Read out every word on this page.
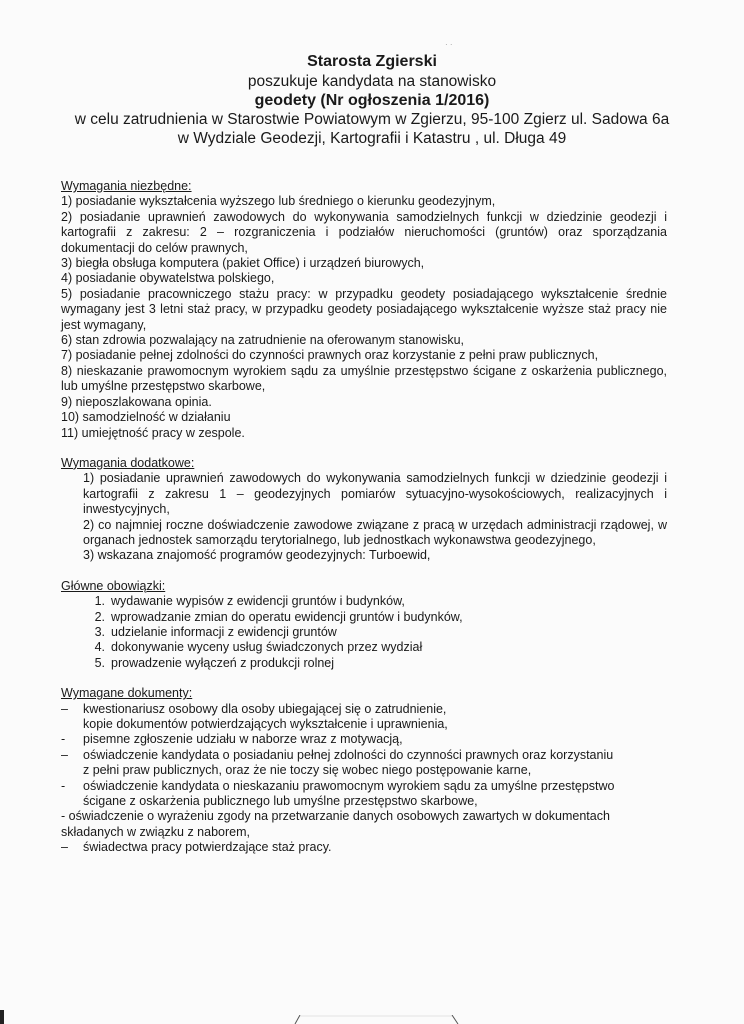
· ·
Starosta Zgierski
poszukuje kandydata na stanowisko
geodety (Nr ogłoszenia 1/2016)
w celu zatrudnienia w Starostwie Powiatowym w Zgierzu, 95-100 Zgierz ul. Sadowa 6a
w Wydziale Geodezji, Kartografii i Katastru , ul. Długa 49

Wymagania niezbędne:

1) posiadanie wykształcenia wyższego lub średniego o kierunku geodezyjnym,

2) posiadanie uprawnień zawodowych do wykonywania samodzielnych funkcji w dziedzinie geodezji i kartografii z zakresu: 2 – rozgraniczenia i podziałów nieruchomości (gruntów) oraz sporządzania dokumentacji do celów prawnych,

3) biegła obsługa komputera (pakiet Office) i urządzeń biurowych,

4) posiadanie obywatelstwa polskiego,

5) posiadanie pracowniczego stażu pracy: w przypadku geodety posiadającego wykształcenie średnie wymagany jest 3 letni staż pracy, w przypadku geodety posiadającego wykształcenie wyższe staż pracy nie jest wymagany,

6) stan zdrowia pozwalający na zatrudnienie na oferowanym stanowisku,

7) posiadanie pełnej zdolności do czynności prawnych oraz korzystanie z pełni praw publicznych,

8) nieskazanie prawomocnym wyrokiem sądu za umyślnie przestępstwo ścigane z oskarżenia publicznego, lub umyślne przestępstwo skarbowe,

9) nieposzlakowana opinia.

10) samodzielność w działaniu

11) umiejętność pracy w zespole.

Wymagania dodatkowe:

1) posiadanie uprawnień zawodowych do wykonywania samodzielnych funkcji w dziedzinie geodezji i kartografii z zakresu 1 – geodezyjnych pomiarów sytuacyjno-wysokościowych, realizacyjnych i inwestycyjnych,

2) co najmniej roczne doświadczenie zawodowe związane z pracą w urzędach administracji rządowej, w organach jednostek samorządu terytorialnego, lub jednostkach wykonawstwa geodezyjnego,

3) wskazana znajomość programów geodezyjnych: Turboewid,

Główne obowiązki:

1. wydawanie wypisów z ewidencji gruntów i budynków,
2. wprowadzanie zmian do operatu ewidencji gruntów i budynków,
3. udzielanie informacji z ewidencji gruntów
4. dokonywanie wyceny usług świadczonych przez wydział
5. prowadzenie wyłączeń z produkcji rolnej

Wymagane dokumenty:

–	kwestionariusz osobowy dla osoby ubiegającej się o zatrudnienie,
kopie dokumentów potwierdzających wykształcenie i uprawnienia,
-	pisemne zgłoszenie udziału w naborze wraz z motywacją,
–	oświadczenie kandydata o posiadaniu pełnej zdolności do czynności prawnych oraz korzystaniu
z pełni praw publicznych, oraz że nie toczy się wobec niego postępowanie karne,
-	oświadczenie kandydata o nieskazaniu prawomocnym wyrokiem sądu za umyślne przestępstwo
ścigane z oskarżenia publicznego lub umyślne przestępstwo skarbowe,

- oświadczenie o wyrażeniu zgody na przetwarzanie danych osobowych zawartych w dokumentach składanych w związku z naborem,

–	świadectwa pracy potwierdzające staż pracy.
